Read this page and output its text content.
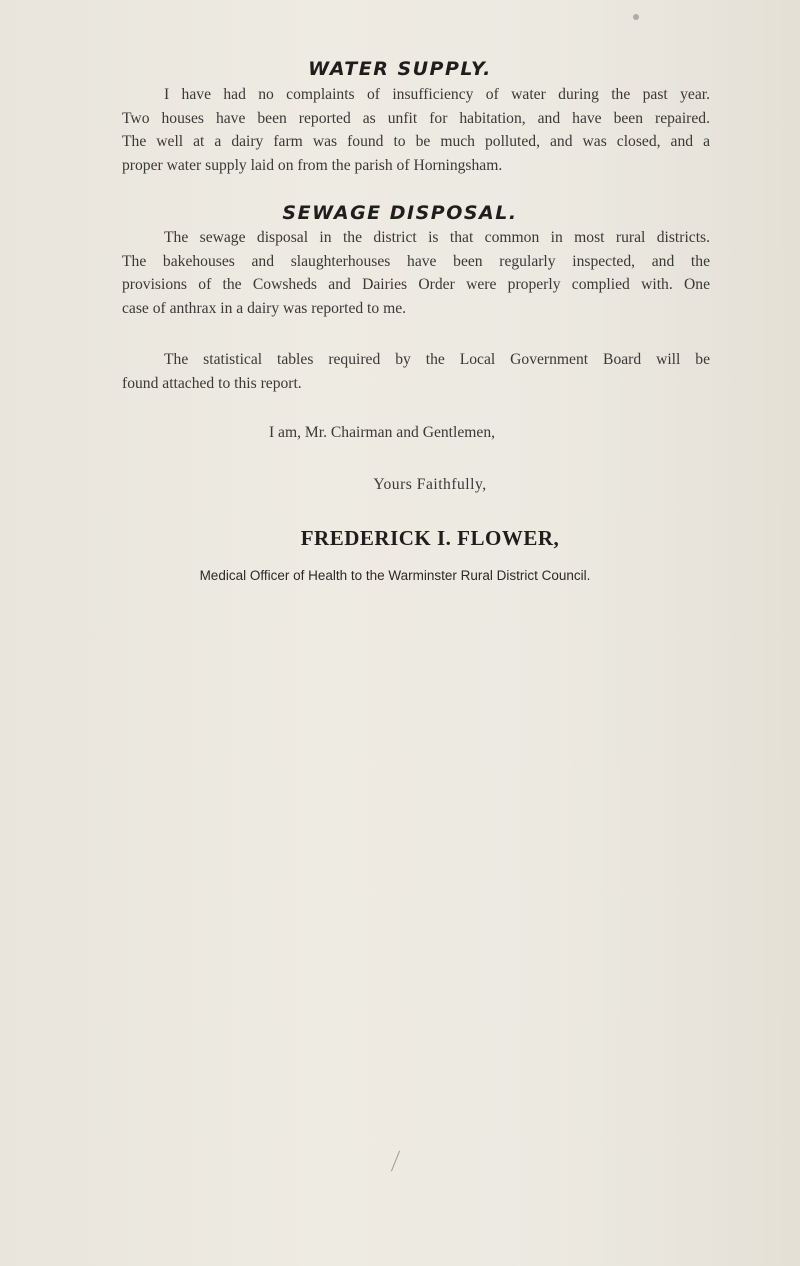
WATER SUPPLY.
I have had no complaints of insufficiency of water during the past year.
Two houses have been reported as unfit for habitation, and have been repaired.
The well at a dairy farm was found to be much polluted, and was closed, and a
proper water supply laid on from the parish of Horningsham.
SEWAGE DISPOSAL.
The sewage disposal in the district is that common in most rural districts.
The bakehouses and slaughterhouses have been regularly inspected, and the
provisions of the Cowsheds and Dairies Order were properly complied with. One
case of anthrax in a dairy was reported to me.
The statistical tables required by the Local Government Board will be
found attached to this report.
I am, Mr. Chairman and Gentlemen,
Yours Faithfully,
FREDERICK I. FLOWER,
Medical Officer of Health to the Warminster Rural District Council.
